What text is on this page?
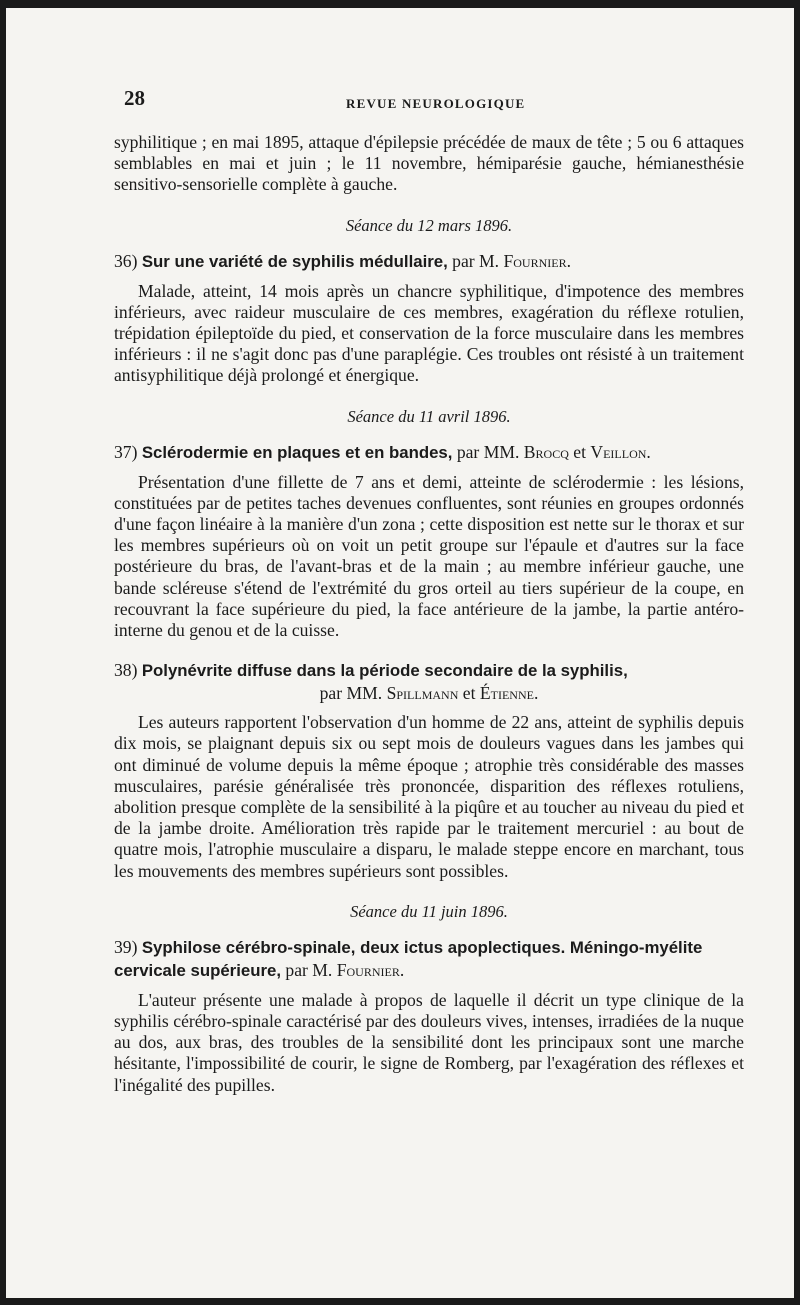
28	REVUE NEUROLOGIQUE

syphilitique ; en mai 1895, attaque d'épilepsie précédée de maux de tête ; 5 ou 6 attaques semblables en mai et juin ; le 11 novembre, hémiparésie gauche, hémianesthésie sensitivo-sensorielle complète à gauche.

Séance du 12 mars 1896.
36) Sur une variété de syphilis médullaire, par M. Fournier.

Malade, atteint, 14 mois après un chancre syphilitique, d'impotence des membres inférieurs, avec raideur musculaire de ces membres, exagération du réflexe rotulien, trépidation épileptoïde du pied, et conservation de la force musculaire dans les membres inférieurs : il ne s'agit donc pas d'une paraplégie. Ces troubles ont résisté à un traitement antisyphilitique déjà prolongé et énergique.

Séance du 11 avril 1896.
37) Sclérodermie en plaques et en bandes, par MM. Brocq et Veillon.

Présentation d'une fillette de 7 ans et demi, atteinte de sclérodermie : les lésions, constituées par de petites taches devenues confluentes, sont réunies en groupes ordonnés d'une façon linéaire à la manière d'un zona ; cette disposition est nette sur le thorax et sur les membres supérieurs où on voit un petit groupe sur l'épaule et d'autres sur la face postérieure du bras, de l'avant-bras et de la main ; au membre inférieur gauche, une bande scléreuse s'étend de l'extrémité du gros orteil au tiers supérieur de la coupe, en recouvrant la face supérieure du pied, la face antérieure de la jambe, la partie antéro-interne du genou et de la cuisse.

38) Polynévrite diffuse dans la période secondaire de la syphilis,
par MM. Spillmann et Étienne.

Les auteurs rapportent l'observation d'un homme de 22 ans, atteint de syphilis depuis dix mois, se plaignant depuis six ou sept mois de douleurs vagues dans les jambes qui ont diminué de volume depuis la même époque ; atrophie très considérable des masses musculaires, parésie généralisée très prononcée, disparition des réflexes rotuliens, abolition presque complète de la sensibilité à la piqûre et au toucher au niveau du pied et de la jambe droite. Amélioration très rapide par le traitement mercuriel : au bout de quatre mois, l'atrophie musculaire a disparu, le malade steppe encore en marchant, tous les mouvements des membres supérieurs sont possibles.

Séance du 11 juin 1896.
39) Syphilose cérébro-spinale, deux ictus apoplectiques. Méningo-myélite cervicale supérieure, par M. Fournier.

L'auteur présente une malade à propos de laquelle il décrit un type clinique de la syphilis cérébro-spinale caractérisé par des douleurs vives, intenses, irradiées de la nuque au dos, aux bras, des troubles de la sensibilité dont les principaux sont une marche hésitante, l'impossibilité de courir, le signe de Romberg, par l'exagération des réflexes et l'inégalité des pupilles.
